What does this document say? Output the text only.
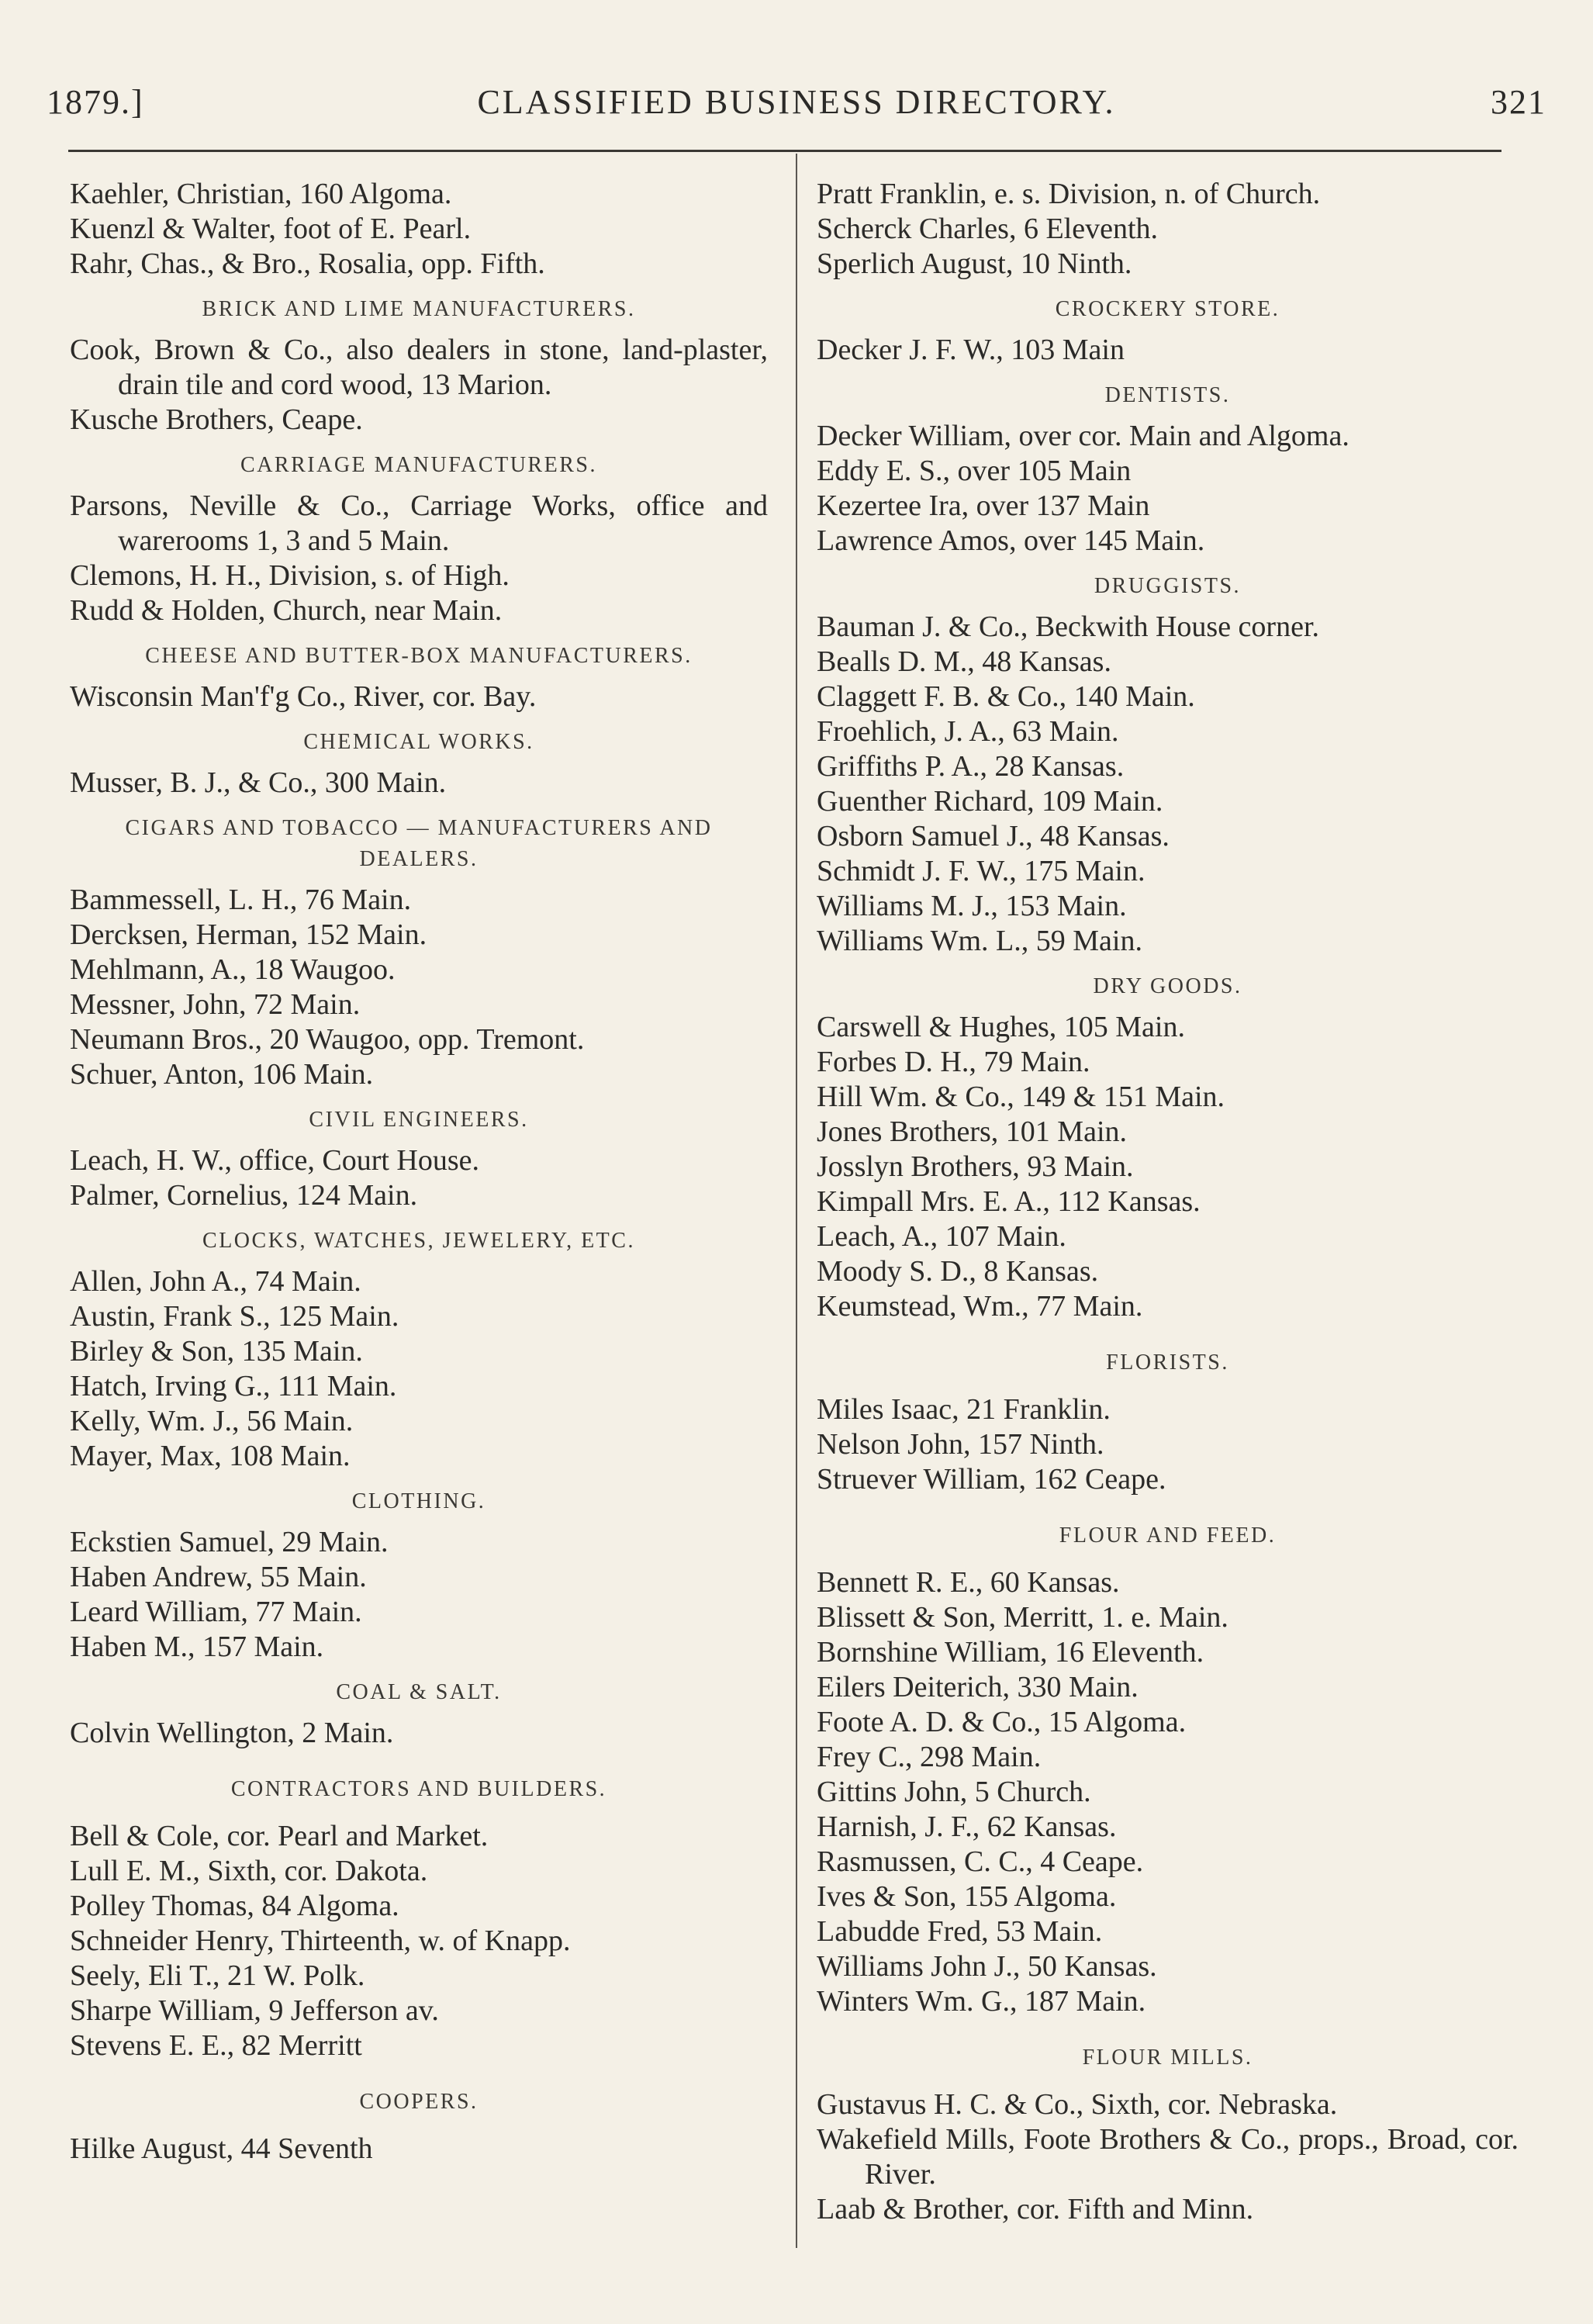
1879.]	CLASSIFIED BUSINESS DIRECTORY.	321

Kaehler, Christian, 160 Algoma.

Kuenzl & Walter, foot of E. Pearl.

Rahr, Chas., & Bro., Rosalia, opp. Fifth.

BRICK AND LIME MANUFACTURERS.

Cook, Brown & Co., also dealers in stone, land-plaster, drain tile and cord wood, 13 Marion.

Kusche Brothers, Ceape.

CARRIAGE MANUFACTURERS.

Parsons, Neville & Co., Carriage Works, office and warerooms 1, 3 and 5 Main.

Clemons, H. H., Division, s. of High.

Rudd & Holden, Church, near Main.

CHEESE AND BUTTER-BOX MANUFACTURERS.

Wisconsin Man'f'g Co., River, cor. Bay.

CHEMICAL WORKS.

Musser, B. J., & Co., 300 Main.

CIGARS AND TOBACCO — MANUFACTURERS AND DEALERS.

Bammessell, L. H., 76 Main.

Dercksen, Herman, 152 Main.

Mehlmann, A., 18 Waugoo.

Messner, John, 72 Main.

Neumann Bros., 20 Waugoo, opp. Tremont.

Schuer, Anton, 106 Main.

CIVIL ENGINEERS.

Leach, H. W., office, Court House.

Palmer, Cornelius, 124 Main.

CLOCKS, WATCHES, JEWELERY, ETC.

Allen, John A., 74 Main.

Austin, Frank S., 125 Main.

Birley & Son, 135 Main.

Hatch, Irving G., 111 Main.

Kelly, Wm. J., 56 Main.

Mayer, Max, 108 Main.

CLOTHING.

Eckstien Samuel, 29 Main.

Haben Andrew, 55 Main.

Leard William, 77 Main.

Haben M., 157 Main.

COAL & SALT.

Colvin Wellington, 2 Main.

CONTRACTORS AND BUILDERS.

Bell & Cole, cor. Pearl and Market.

Lull E. M., Sixth, cor. Dakota.

Polley Thomas, 84 Algoma.

Schneider Henry, Thirteenth, w. of Knapp.

Seely, Eli T., 21 W. Polk.

Sharpe William, 9 Jefferson av.

Stevens E. E., 82 Merritt

COOPERS.

Hilke August, 44 Seventh

Pratt Franklin, e. s. Division, n. of Church.

Scherck Charles, 6 Eleventh.

Sperlich August, 10 Ninth.

CROCKERY STORE.

Decker J. F. W., 103 Main

DENTISTS.

Decker William, over cor. Main and Algoma.

Eddy E. S., over 105 Main

Kezertee Ira, over 137 Main

Lawrence Amos, over 145 Main.

DRUGGISTS.

Bauman J. & Co., Beckwith House corner.

Bealls D. M., 48 Kansas.

Claggett F. B. & Co., 140 Main.

Froehlich, J. A., 63 Main.

Griffiths P. A., 28 Kansas.

Guenther Richard, 109 Main.

Osborn Samuel J., 48 Kansas.

Schmidt J. F. W., 175 Main.

Williams M. J., 153 Main.

Williams Wm. L., 59 Main.

DRY GOODS.

Carswell & Hughes, 105 Main.

Forbes D. H., 79 Main.

Hill Wm. & Co., 149 & 151 Main.

Jones Brothers, 101 Main.

Josslyn Brothers, 93 Main.

Kimpall Mrs. E. A., 112 Kansas.

Leach, A., 107 Main.

Moody S. D., 8 Kansas.

Keumstead, Wm., 77 Main.

FLORISTS.

Miles Isaac, 21 Franklin.

Nelson John, 157 Ninth.

Struever William, 162 Ceape.

FLOUR AND FEED.

Bennett R. E., 60 Kansas.

Blissett & Son, Merritt, 1. e. Main.

Bornshine William, 16 Eleventh.

Eilers Deiterich, 330 Main.

Foote A. D. & Co., 15 Algoma.

Frey C., 298 Main.

Gittins John, 5 Church.

Harnish, J. F., 62 Kansas.

Rasmussen, C. C., 4 Ceape.

Ives & Son, 155 Algoma.

Labudde Fred, 53 Main.

Williams John J., 50 Kansas.

Winters Wm. G., 187 Main.

FLOUR MILLS.

Gustavus H. C. & Co., Sixth, cor. Nebraska.

Wakefield Mills, Foote Brothers & Co., props., Broad, cor. River.

Laab & Brother, cor. Fifth and Minn.
